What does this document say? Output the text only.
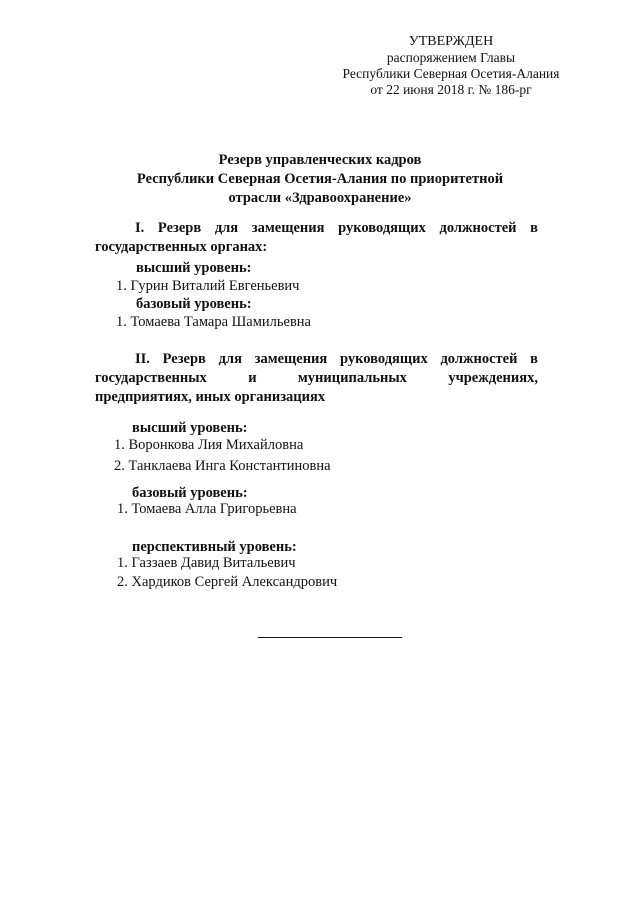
УТВЕРЖДЕН
распоряжением Главы
Республики Северная Осетия-Алания
от 22 июня 2018 г. № 186-рг
Резерв управленческих кадров
Республики Северная Осетия-Алания по приоритетной
отрасли «Здравоохранение»
I. Резерв для замещения руководящих должностей в
государственных органах:
высший уровень:
1. Гурин Виталий Евгеньевич
базовый уровень:
1. Томаева Тамара Шамильевна
II. Резерв для замещения руководящих должностей в
государственных	и	муниципальных	учреждениях,
предприятиях, иных организациях
высший уровень:
1. Воронкова Лия Михайловна
2. Танклаева Инга Константиновна
базовый уровень:
1. Томаева Алла Григорьевна
перспективный уровень:
1. Газзаев Давид Витальевич
2. Хардиков Сергей Александрович
